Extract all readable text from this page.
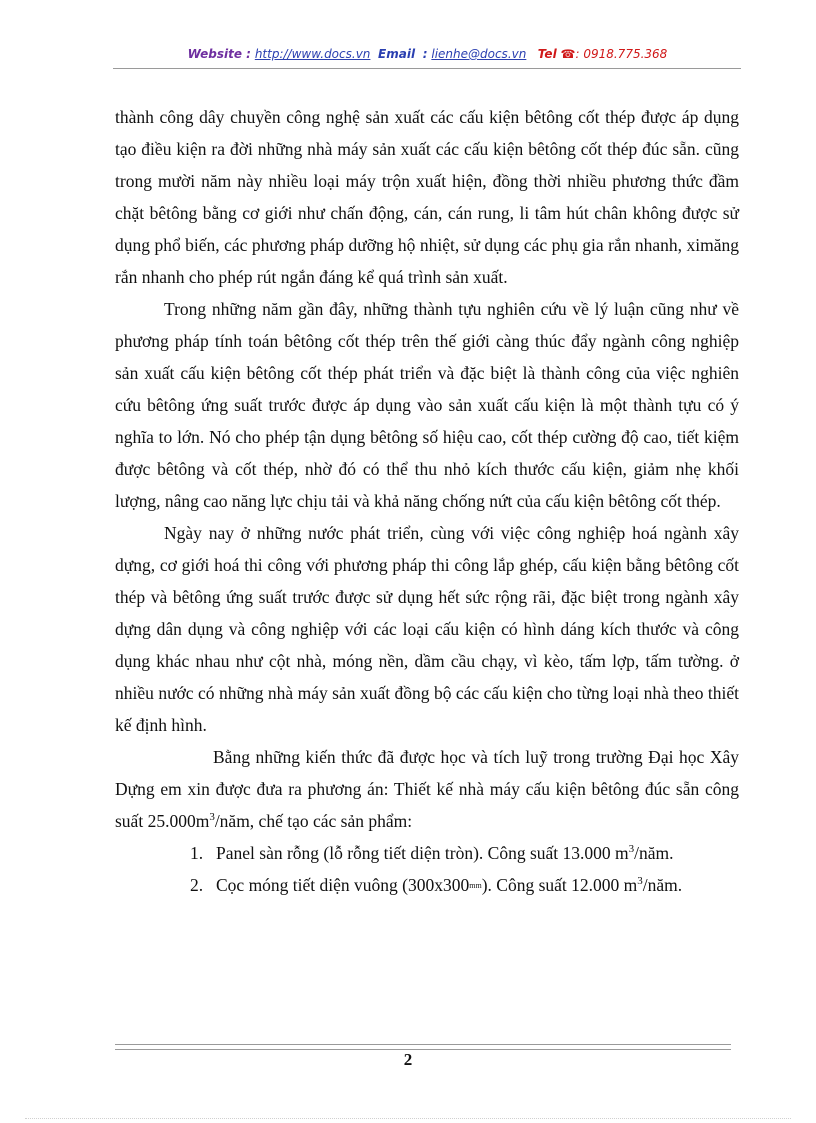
Website : http://www.docs.vn Email : lienhe@docs.vn Tel ☎: 0918.775.368

thành công dây chuyền công nghệ sản xuất các cấu kiện bêtông cốt thép được áp dụng tạo điều kiện ra đời những nhà máy sản xuất các cấu kiện bêtông cốt thép đúc sẵn. cũng trong mười năm này nhiều loại máy trộn xuất hiện, đồng thời nhiều phương thức đầm chặt bêtông bằng cơ giới như chấn động, cán, cán rung, li tâm hút chân không được sử dụng phổ biến, các phương pháp dưỡng hộ nhiệt, sử dụng các phụ gia rắn nhanh, ximăng rắn nhanh cho phép rút ngắn đáng kể quá trình sản xuất.

Trong những năm gần đây, những thành tựu nghiên cứu về lý luận cũng như về phương pháp tính toán bêtông cốt thép trên thế giới càng thúc đẩy ngành công nghiệp sản xuất cấu kiện bêtông cốt thép phát triển và đặc biệt là thành công của việc nghiên cứu bêtông ứng suất trước được áp dụng vào sản xuất cấu kiện là một thành tựu có ý nghĩa to lớn. Nó cho phép tận dụng bêtông số hiệu cao, cốt thép cường độ cao, tiết kiệm được bêtông và cốt thép, nhờ đó có thể thu nhỏ kích thước cấu kiện, giảm nhẹ khối lượng, nâng cao năng lực chịu tải và khả năng chống nứt của cấu kiện bêtông cốt thép.

Ngày nay ở những nước phát triển, cùng với việc công nghiệp hoá ngành xây dựng, cơ giới hoá thi công với phương pháp thi công lắp ghép, cấu kiện bằng bêtông cốt thép và bêtông ứng suất trước được sử dụng hết sức rộng rãi, đặc biệt trong ngành xây dựng dân dụng và công nghiệp với các loại cấu kiện có hình dáng kích thước và công dụng khác nhau như cột nhà, móng nền, dầm cầu chạy, vì kèo, tấm lợp, tấm tường. ở nhiều nước có những nhà máy sản xuất đồng bộ các cấu kiện cho từng loại nhà theo thiết kế định hình.

Bằng những kiến thức đã được học và tích luỹ trong trường Đại học Xây Dựng em xin được đưa ra phương án: Thiết kế nhà máy cấu kiện bêtông đúc sẵn công suất $25.000m^3$/năm, chế tạo các sản phẩm:

1. Panel sàn rỗng (lỗ rỗng tiết diện tròn). Công suất 13.000 $m^3$/năm.
2. Cọc móng tiết diện vuông (300x300mm). Công suất 12.000 $m^3$/năm.
2
